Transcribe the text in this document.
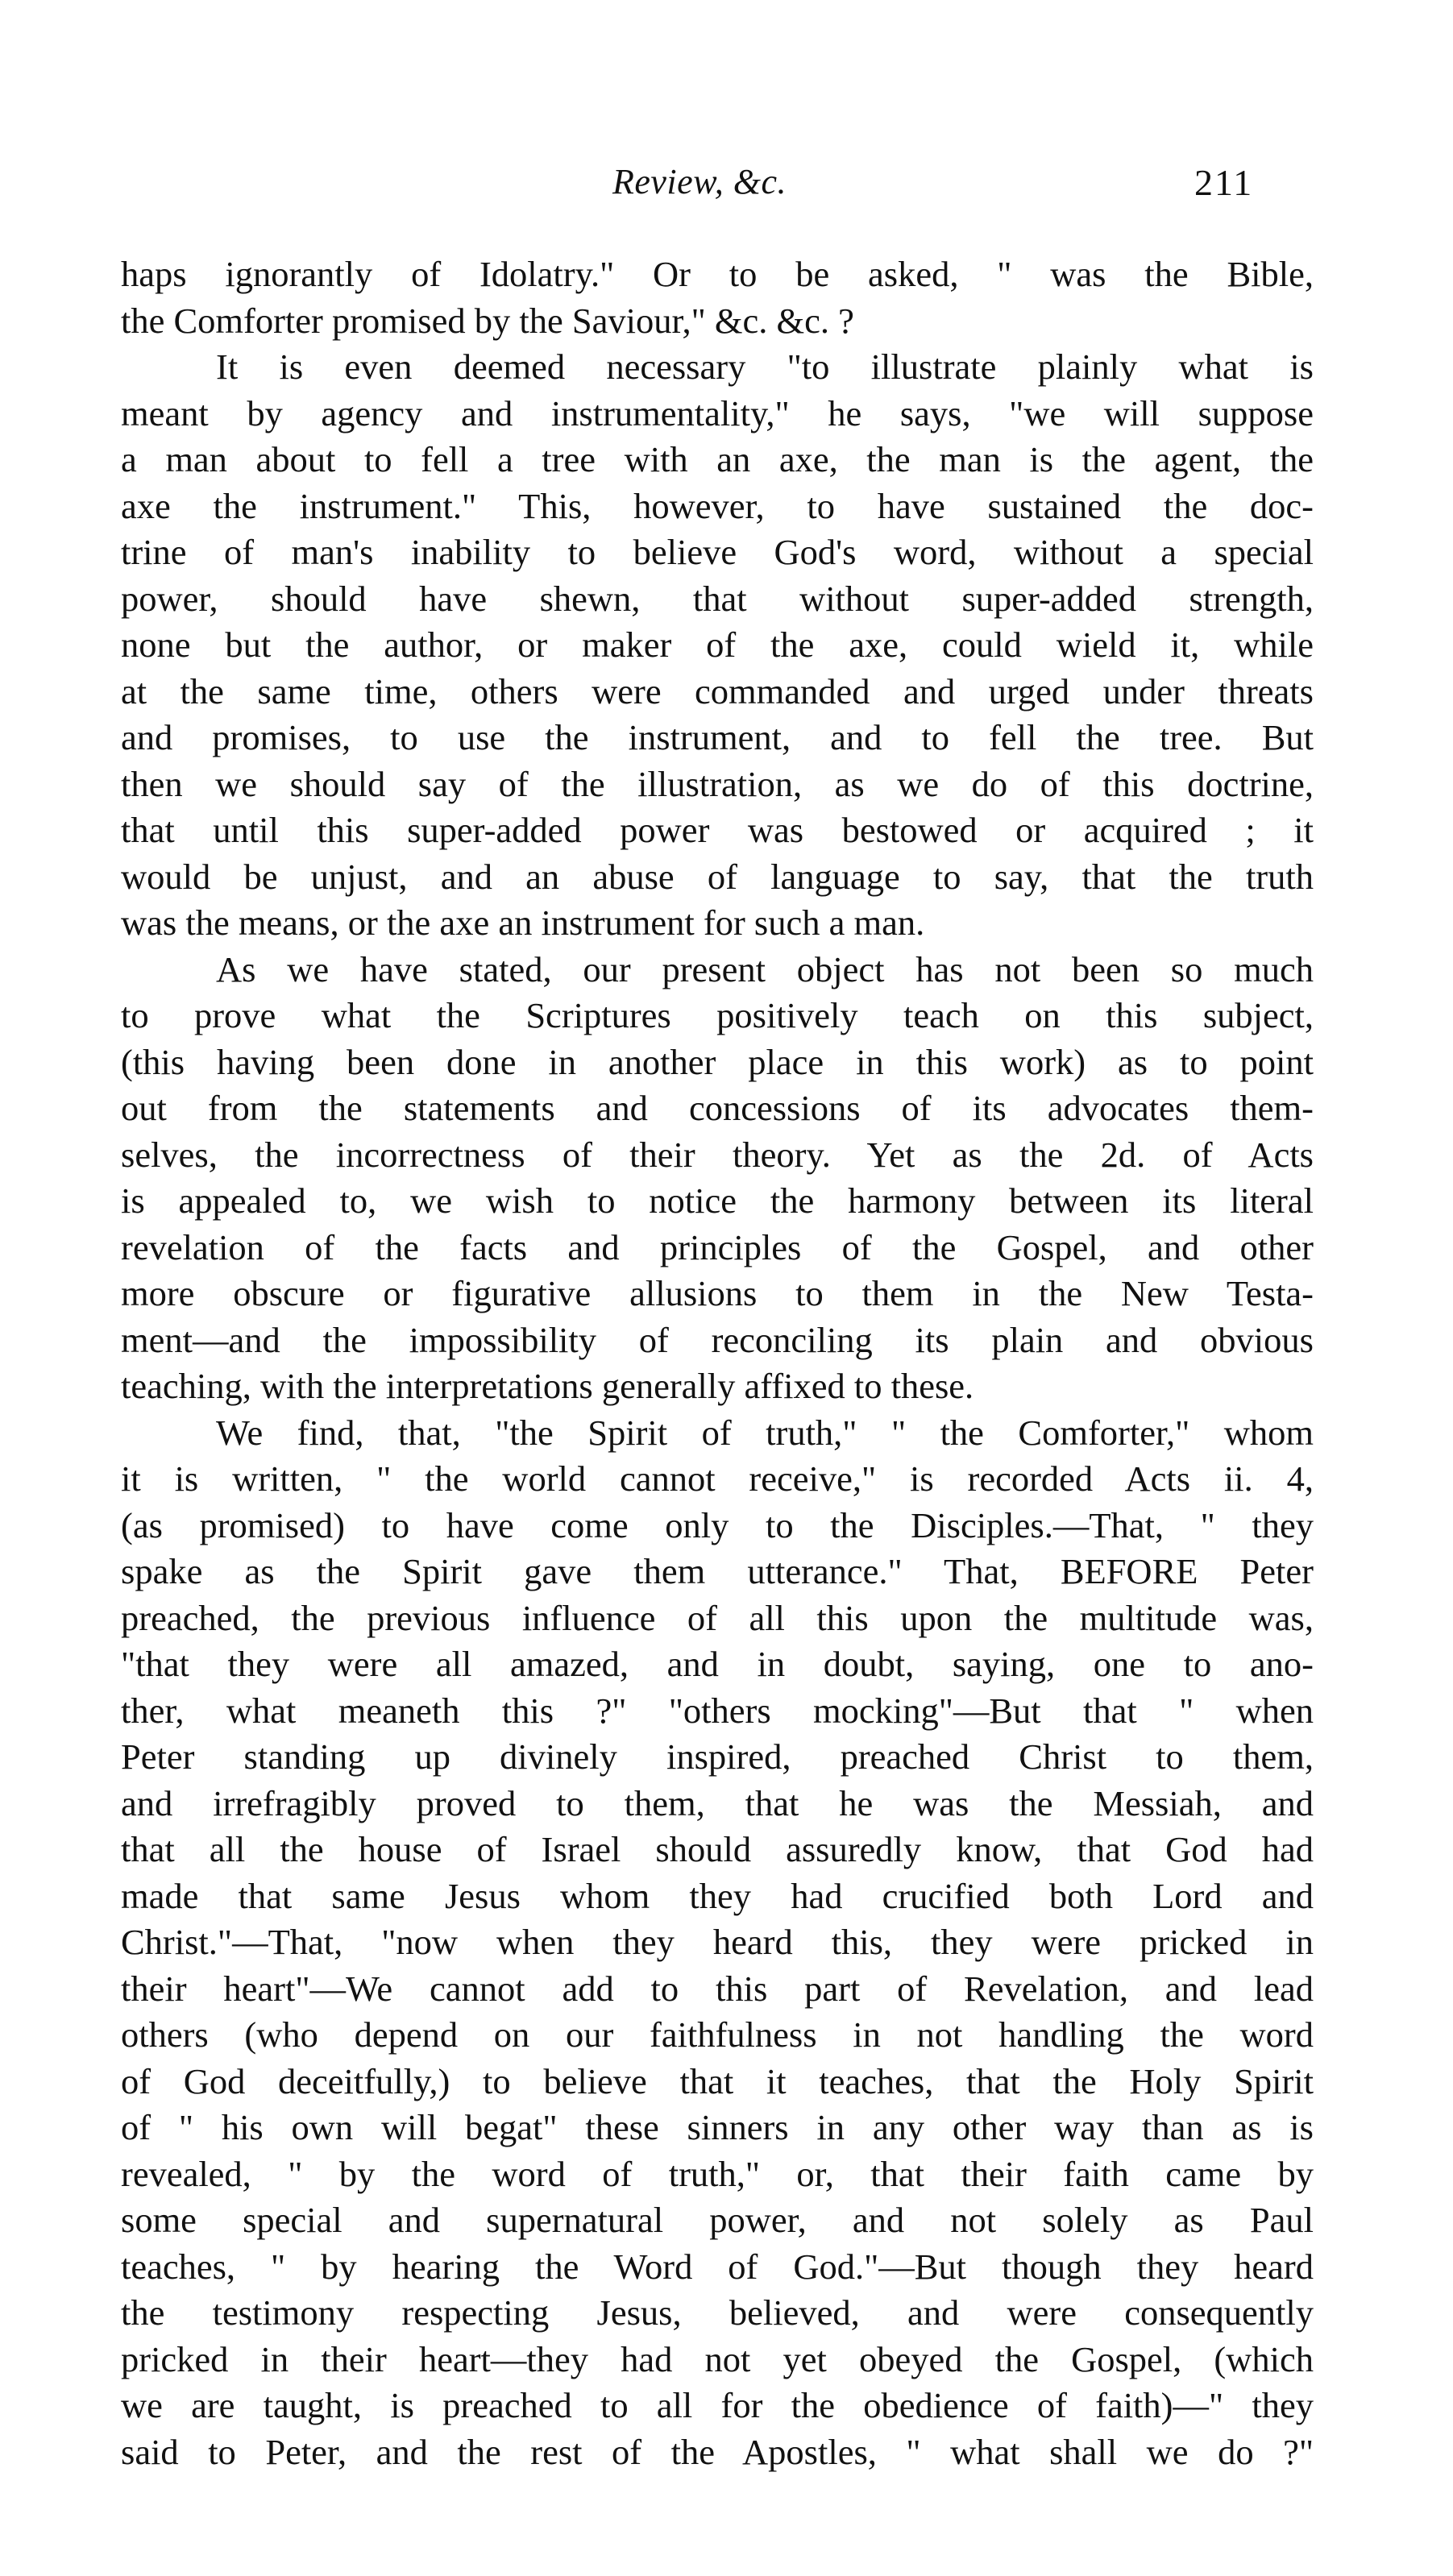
Review, &c.	211
haps ignorantly of Idolatry." Or to be asked, " was the Bible,
the Comforter promised by the Saviour," &c. &c. ?
It is even deemed necessary "to illustrate plainly what is
meant by agency and instrumentality," he says, "we will suppose
a man about to fell a tree with an axe, the man is the agent, the
axe the instrument." This, however, to have sustained the doc-
trine of man's inability to believe God's word, without a special
power, should have shewn, that without super-added strength,
none but the author, or maker of the axe, could wield it, while
at the same time, others were commanded and urged under threats
and promises, to use the instrument, and to fell the tree. But
then we should say of the illustration, as we do of this doctrine,
that until this super-added power was bestowed or acquired ; it
would be unjust, and an abuse of language to say, that the truth
was the means, or the axe an instrument for such a man.
As we have stated, our present object has not been so much
to prove what the Scriptures positively teach on this subject,
(this having been done in another place in this work) as to point
out from the statements and concessions of its advocates them-
selves, the incorrectness of their theory. Yet as the 2d. of Acts
is appealed to, we wish to notice the harmony between its literal
revelation of the facts and principles of the Gospel, and other
more obscure or figurative allusions to them in the New Testa-
ment—and the impossibility of reconciling its plain and obvious
teaching, with the interpretations generally affixed to these.
We find, that, "the Spirit of truth," " the Comforter," whom
it is written, " the world cannot receive," is recorded Acts ii. 4,
(as promised) to have come only to the Disciples.—That, " they
spake as the Spirit gave them utterance." That, BEFORE Peter
preached, the previous influence of all this upon the multitude was,
"that they were all amazed, and in doubt, saying, one to ano-
ther, what meaneth this ?" "others mocking"—But that " when
Peter standing up divinely inspired, preached Christ to them,
and irrefragibly proved to them, that he was the Messiah, and
that all the house of Israel should assuredly know, that God had
made that same Jesus whom they had crucified both Lord and
Christ."—That, "now when they heard this, they were pricked in
their heart"—We cannot add to this part of Revelation, and lead
others (who depend on our faithfulness in not handling the word
of God deceitfully,) to believe that it teaches, that the Holy Spirit
of " his own will begat" these sinners in any other way than as is
revealed, " by the word of truth," or, that their faith came by
some special and supernatural power, and not solely as Paul
teaches, " by hearing the Word of God."—But though they heard
the testimony respecting Jesus, believed, and were consequently
pricked in their heart—they had not yet obeyed the Gospel, (which
we are taught, is preached to all for the obedience of faith)—" they
said to Peter, and the rest of the Apostles, " what shall we do ?"
